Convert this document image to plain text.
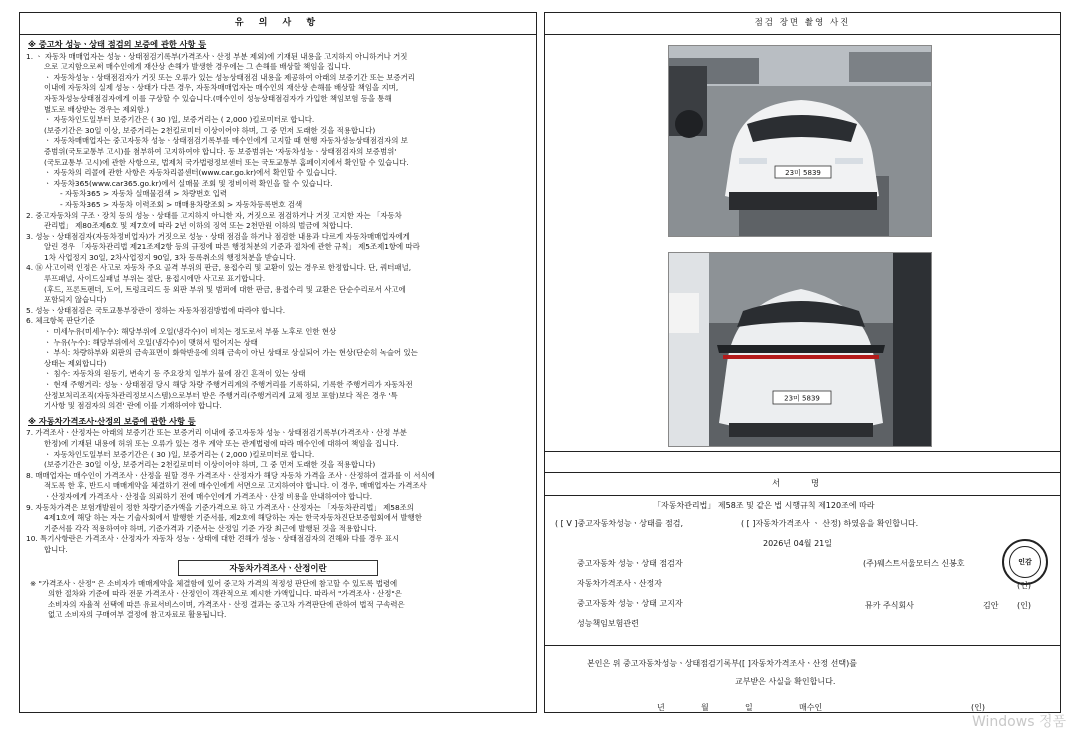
유 의 사 항
※ 중고차 성능ㆍ상태 점검의 보증에 관한 사항 등
1. ㆍ 자동차 매매업자는 성능ㆍ상태점검기록부(가격조사ㆍ산정 부분 제외)에 기재된 내용을 고지하지 아니하거나 거짓
으로 고지함으로써 매수인에게 재산상 손해가 발생한 경우에는 그 손해를 배상할 책임을 집니다.
ㆍ 자동차성능ㆍ상태점검자가 거짓 또는 오류가 있는 성능상태점검 내용을 제공하여 아래의 보증기간 또는 보증거리
이내에 자동차의 실제 성능ㆍ상태가 다른 경우, 자동차매매업자는 매수인의 재산상 손해를 배상할 책임을 지며,
자동차성능상태점검자에게 이를 구상할 수 있습니다.(매수인이 성능상태점검자가 가입한 책임보험 등을 통해
별도로 배상받는 경우는 제외함.)
ㆍ 자동차인도일부터 보증기간은 ( 30 )일, 보증거리는 ( 2,000 )킬로미터로 합니다.
(보증기간은 30일 이상, 보증거리는 2천킬로미터 이상이어야 하며, 그 중 먼저 도래한 것을 적용합니다)
ㆍ 자동차매매업자는 중고자동차 성능ㆍ상태점검기록부를 매수인에게 고지할 때 현행 자동차성능상태점검자의 보
증범위(국토교통부 고시)를 첨부하여 고지하여야 합니다. 동 보증범위는 '자동차성능ㆍ상태점검자의 보증범위'
(국토교통부 고시)에 관한 사항으로, 법제처 국가법령정보센터 또는 국토교통부 홈페이지에서 확인할 수 있습니다.
ㆍ 자동차의 리콜에 관한 사항은 자동차리콜센터(www.car.go.kr)에서 확인할 수 있습니다.
ㆍ 자동차365(www.car365.go.kr)에서 실매물 조회 및 정비이력 확인을 할 수 있습니다.
- 자동차365 > 자동차 실매물검색 > 차량번호 입력
- 자동차365 > 자동차 이력조회 > 매매용차량조회 > 자동차등록번호 검색
2. 중고자동차의 구조ㆍ장치 등의 성능ㆍ상태를 고지하지 아니한 자, 거짓으로 점검하거나 거짓 고지한 자는 「자동차
관리법」 제80조제6호 및 제7호에 따라 2년 이하의 징역 또는 2천만원 이하의 벌금에 처합니다.
3. 성능ㆍ상태점검자(자동차정비업자)가 거짓으로 성능ㆍ상태 점검을 하거나 점검한 내용과 다르게 자동차매매업자에게
알린 경우 「자동차관리법 제21조제2항 등의 규정에 따른 행정처분의 기준과 절차에 관한 규칙」 제5조제1항에 따라
1차 사업정지 30일, 2차사업정지 90일, 3차 등록취소의 행정처분을 받습니다.
4. ⑯ 사고이력 인정은 사고로 자동차 주요 골격 부위의 판금, 용접수리 및 교환이 있는 경우로 한정합니다. 단, 쿼터패널,
루프패널, 사이드실패널 부위는 절단, 용접시에만 사고로 표기합니다.
(후드, 프론트펜더, 도어, 트렁크리드 등 외판 부위 및 범퍼에 대한 판금, 용접수리 및 교환은 단순수리로서 사고에
포함되지 않습니다)
5. 성능ㆍ상태점검은 국토교통부장관이 정하는 자동차점검방법에 따라야 합니다.
6. 체크항목 판단기준
ㆍ 미세누유(미세누수): 해당부위에 오일(냉각수)이 비치는 정도로서 부품 노후로 인한 현상
ㆍ 누유(누수): 해당부위에서 오일(냉각수)이 맺혀서 떨어지는 상태
ㆍ 부식: 차량하부와 외판의 금속표면이 화학반응에 의해 금속이 아닌 상태로 상실되어 가는 현상(단순히 녹슬어 있는
상태는 제외합니다)
ㆍ 침수: 자동차의 원동기, 변속기 등 주요장치 일부가 물에 잠긴 흔적이 있는 상태
ㆍ 현재 주행거리: 성능ㆍ상태점검 당시 해당 차량 주행거리계의 주행거리를 기록하되, 기록한 주행거리가 자동차전
산정보처리조직(자동차관리정보시스템)으로부터 받은 주행거리(주행거리계 교체 정보 포함)보다 적은 경우 '특
기사항 및 점검자의 의견' 란에 이를 기재하여야 합니다.
※ 자동차가격조사·산정의 보증에 관한 사항 등
7. 가격조사ㆍ산정자는 아래의 보증기간 또는 보증거리 이내에 중고자동차 성능ㆍ상태점검기록부(가격조사ㆍ산정 부분
한정)에 기재된 내용에 허위 또는 오류가 있는 경우 계약 또는 관계법령에 따라 매수인에 대하여 책임을 집니다.
ㆍ 자동차인도일부터 보증기간은 ( 30 )일, 보증거리는 ( 2,000 )킬로미터로 합니다.
(보증기간은 30일 이상, 보증거리는 2천킬로미터 이상이어야 하며, 그 중 먼저 도래한 것을 적용합니다)
8. 매매업자는 매수인이 가격조사ㆍ산정을 원할 경우 가격조사ㆍ산정자가 해당 자동차 가격을 조사ㆍ산정하여 결과를 이 서식에
적도록 한 후, 반드시 매매계약을 체결하기 전에 매수인에게 서면으로 고지하여야 합니다. 이 경우, 매매업자는 가격조사
ㆍ산정자에게 가격조사ㆍ산정을 의뢰하기 전에 매수인에게 가격조사ㆍ산정 비용을 안내하여야 합니다.
9. 자동차가격은 보험개발원이 정한 차량기준가액을 기준가격으로 하고 가격조사ㆍ산정자는 「자동차관리법」 제58조의
4제1호에 해당 하는 자는 기술사회에서 발행한 기준서를, 제2호에 해당하는 자는 한국자동차진단보증협회에서 발행한
기준서를 각각 적용하여야 하며, 기준가격과 기준서는 산정일 기준 가장 최근에 발행된 것을 적용합니다.
10. 특기사항란은 가격조사ㆍ산정자가 자동차 성능ㆍ상태에 대한 견해가 성능ㆍ상태점검자의 견해와 다를 경우 표시
합니다.
자동차가격조사ㆍ산정이란
※ "가격조사ㆍ산정" 은 소비자가 매매계약을 체결함에 있어 중고차 가격의 적정성 판단에 참고할 수 있도록 법령에
의한 절차와 기준에 따라 전문 가격조사ㆍ산정인이 객관적으로 제시한 가액입니다. 따라서 "가격조사ㆍ산정"은
소비자의 자율적 선택에 따른 유료서비스이며, 가격조사ㆍ산정 결과는 중고차 가격판단에 관하여 법적 구속력은
없고 소비자의 구매여부 결정에 참고자료로 활용됩니다.
점검 장면 촬영 사진
23미 5839
23미 5839
서 명
「자동차관리법」 제58조 및 같은 법 시행규칙 제120조에 따라
( [ V ]중고자동차성능ㆍ상태를 점검,	( [ ]자동차가격조사 ㆍ 산정) 하였음을 확인합니다.
2026년 04월 21일
중고자동차 성능ㆍ상태 점검자	(주)웨스트서울모터스 신봉호
자동차가격조사ㆍ산정자	(인)
중고자동차 성능ㆍ상태 고지자	뮤카 주식회사	김안 (인)
성능책임보험관련
인감
본인은 위 중고자동차성능ㆍ상태점검기록부([ ]자동차가격조사ㆍ산정 선택)를
교부받은 사실을 확인합니다.
년	월	일	매수인	(인)
Windows 정품
